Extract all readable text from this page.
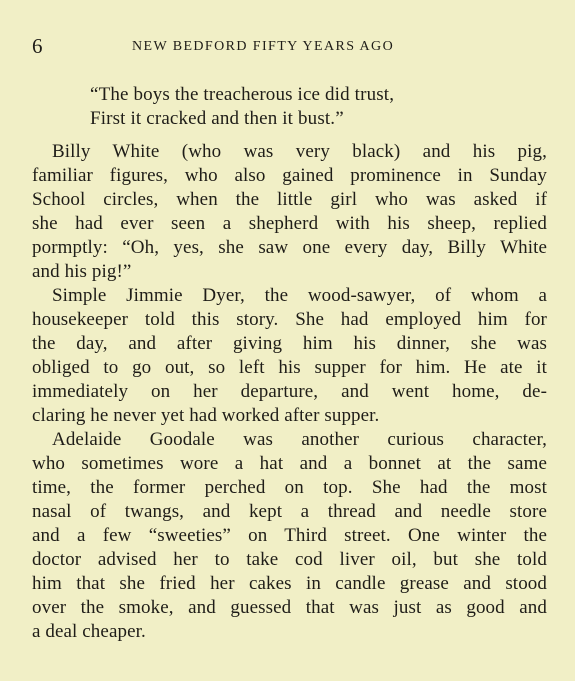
6	NEW BEDFORD FIFTY YEARS AGO
“The boys the treacherous ice did trust,
First it cracked and then it bust.”

Billy White (who was very black) and his pig,
familiar figures, who also gained prominence in Sunday
School circles, when the little girl who was asked if
she had ever seen a shepherd with his sheep, replied
pormptly: “Oh, yes, she saw one every day, Billy White
and his pig!”

Simple Jimmie Dyer, the wood-sawyer, of whom a
housekeeper told this story. She had employed him for
the day, and after giving him his dinner, she was
obliged to go out, so left his supper for him. He ate it
immediately on her departure, and went home, de-
claring he never yet had worked after supper.

Adelaide Goodale was another curious character,
who sometimes wore a hat and a bonnet at the same
time, the former perched on top. She had the most
nasal of twangs, and kept a thread and needle store
and a few “sweeties” on Third street. One winter the
doctor advised her to take cod liver oil, but she told
him that she fried her cakes in candle grease and stood
over the smoke, and guessed that was just as good and
a deal cheaper.
